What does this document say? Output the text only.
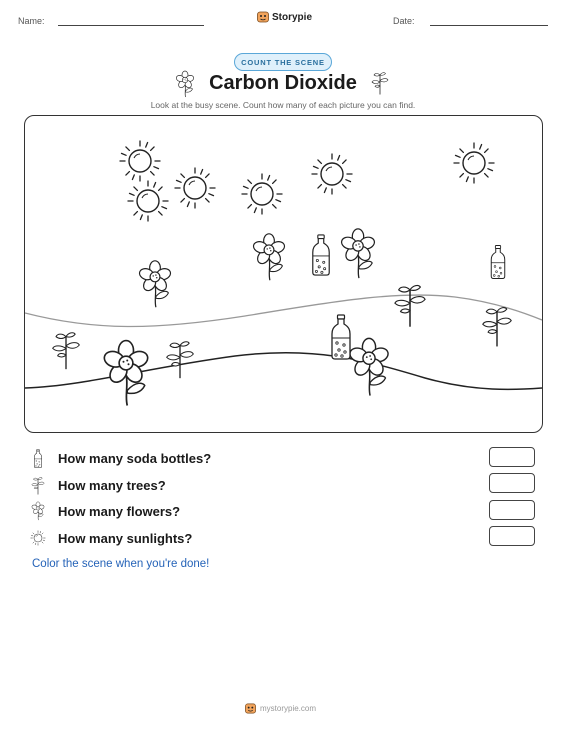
Name:	Storypie	Date:
COUNT THE SCENE
Carbon Dioxide
Look at the busy scene. Count how many of each picture you can find.
How many soda bottles?
How many trees?
How many flowers?
How many sunlights?
Color the scene when you're done!
mystorypie.com
